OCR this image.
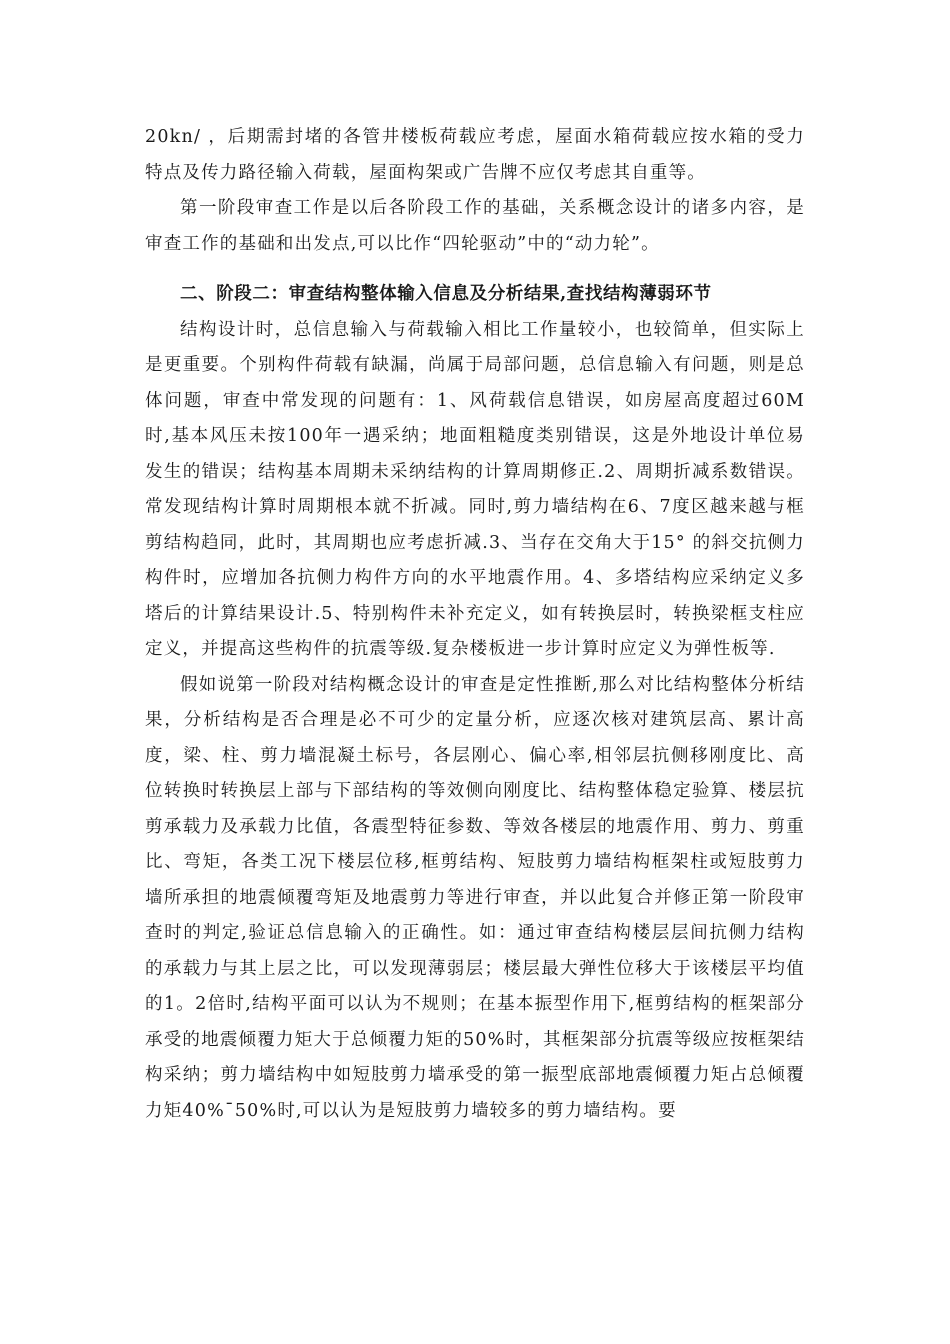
20kn/ ，后期需封堵的各管井楼板荷载应考虑，屋面水箱荷载应按水箱的受力特点及传力路径输入荷载，屋面构架或广告牌不应仅考虑其自重等。

第一阶段审查工作是以后各阶段工作的基础，关系概念设计的诸多内容，是审查工作的基础和出发点,可以比作“四轮驱动”中的“动力轮”。

二、阶段二：审查结构整体输入信息及分析结果,查找结构薄弱环节

结构设计时，总信息输入与荷载输入相比工作量较小，也较简单，但实际上是更重要。个别构件荷载有缺漏，尚属于局部问题，总信息输入有问题，则是总体问题，审查中常发现的问题有：1、风荷载信息错误，如房屋高度超过60M时,基本风压未按100年一遇采纳；地面粗糙度类别错误，这是外地设计单位易发生的错误；结构基本周期未采纳结构的计算周期修正.2、周期折减系数错误。常发现结构计算时周期根本就不折减。同时,剪力墙结构在6、7度区越来越与框剪结构趋同，此时，其周期也应考虑折减.3、当存在交角大于15° 的斜交抗侧力构件时，应增加各抗侧力构件方向的水平地震作用。4、多塔结构应采纳定义多塔后的计算结果设计.5、特别构件未补充定义，如有转换层时，转换梁框支柱应定义，并提高这些构件的抗震等级.复杂楼板进一步计算时应定义为弹性板等.

假如说第一阶段对结构概念设计的审查是定性推断,那么对比结构整体分析结果，分析结构是否合理是必不可少的定量分析，应逐次核对建筑层高、累计高度，梁、柱、剪力墙混凝土标号，各层刚心、偏心率,相邻层抗侧移刚度比、高位转换时转换层上部与下部结构的等效侧向刚度比、结构整体稳定验算、楼层抗剪承载力及承载力比值，各震型特征参数、等效各楼层的地震作用、剪力、剪重比、弯矩，各类工况下楼层位移,框剪结构、短肢剪力墙结构框架柱或短肢剪力墙所承担的地震倾覆弯矩及地震剪力等进行审查，并以此复合并修正第一阶段审查时的判定,验证总信息输入的正确性。如：通过审查结构楼层层间抗侧力结构的承载力与其上层之比，可以发现薄弱层；楼层最大弹性位移大于该楼层平均值的1。2倍时,结构平面可以认为不规则；在基本振型作用下,框剪结构的框架部分承受的地震倾覆力矩大于总倾覆力矩的50%时，其框架部分抗震等级应按框架结构采纳；剪力墙结构中如短肢剪力墙承受的第一振型底部地震倾覆力矩占总倾覆力矩40%¯50%时,可以认为是短肢剪力墙较多的剪力墙结构。要
